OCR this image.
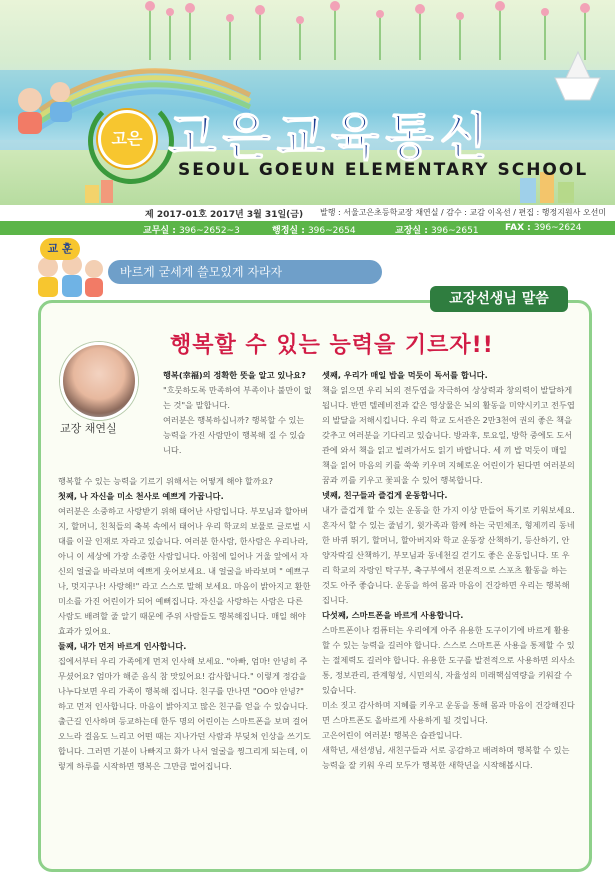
고은 고은교육통신
SEOUL GOEUN ELEMENTARY SCHOOL
제 2017-01호 2017년 3월 31일(금) 발행 : 서울고은초등학교장 채연실 / 감수 : 교감 이옥선 / 편집 : 행정지원사 오선미
교무실 : 396~2652~3	행정실 : 396~2654	교장실 : 396~2651	FAX : 396~2624
교 훈
바르게 굳세게 쓸모있게 자라자
교장선생님 말씀
행복할 수 있는 능력을 기르자!!
교장 채연실

행복(幸福)의 정확한 뜻을 알고 있나요?

"흐뭇하도록 만족하여 부족이나 불만이 없는 것"을 말합니다.

여러분은 행복하십니까? 행복할 수 있는 능력을 가진 사람만이 행복해 질 수 있습니다.

행복할 수 있는 능력을 기르기 위해서는 어떻게 해야 할까요?

첫째, 나 자신을 미소 천사로 예쁘게 가꿉니다.

여러분은 소중하고 사랑받기 위해 태어난 사람입니다. 부모님과 할아버지, 할머니, 친척들의 축복 속에서 태어나 우리 학교의 보물로 글로벌 시대를 이끌 인재로 자라고 있습니다. 여러분 한사람, 한사람은 우리나라, 아니 이 세상에 가장 소중한 사람입니다. 아침에 일어나 거울 앞에서 자신의 얼굴을 바라보며 예쁘게 웃어보세요. 내 얼굴을 바라보며 " 예쁘구나, 멋지구나! 사랑해!" 라고 스스로 말해 보세요. 마음이 밝아지고 환한 미소를 가진 어린이가 되어 예뻐집니다. 자신을 사랑하는 사람은 다른 사람도 배려할 줄 알기 때문에 주위 사람들도 행복해집니다. 매일 해야 효과가 있어요.

둘째, 내가 먼저 바르게 인사합니다.

집에서부터 우리 가족에게 먼저 인사해 보세요. "아빠, 엄마! 안녕히 주무셨어요? 엄마가 해준 음식 참 맛있어요! 감사합니다." 이렇게 정감을 나누다보면 우리 가족이 행복해 집니다. 친구를 만나면 "OO야 안녕?" 하고 먼저 인사합니다. 마음이 밝아지고 많은 친구를 얻을 수 있습니다. 출근길 인사하며 등교하는데 한두 명의 어린이는 스마트폰을 보며 걸어오느라 걸음도 느리고 어떤 때는 지나가던 사람과 부딪쳐 인상을 쓰기도 합니다. 그러면 기분이 나빠지고 화가 나서 얼굴을 찡그리게 되는데, 이렇게 하루를 시작하면 행복은 그만큼 멀어집니다.

셋째, 우리가 매일 밥을 먹듯이 독서를 합니다.

책을 읽으면 우리 뇌의 전두엽을 자극하여 상상력과 창의력이 발달하게 됩니다. 반면 텔레비전과 같은 영상물은 뇌의 활동을 미약시키고 전두엽의 발달을 저해시킵니다. 우리 학교 도서관은 2만3천여 권의 좋은 책을 갖추고 여러분을 기다리고 있습니다. 방과후, 토요일, 방학 중에도 도서관에 와서 책을 읽고 빌려가서도 읽기 바랍니다. 세 끼 밥 먹듯이 매일 책을 읽어 마음의 키를 쑥쑥 키우며 지혜로운 어린이가 된다면 여러분의 꿈과 끼를 키우고 꽃피울 수 있어 행복합니다.

넷째, 친구들과 즐겁게 운동합니다.

내가 즐겁게 할 수 있는 운동을 한 가지 이상 만들어 특기로 키워보세요. 혼자서 할 수 있는 줄넘기, 윗가족과 함께 하는 국민체조, 형제끼리 동네 한 바퀴 뛰기, 할머니, 할아버지와 학교 운동장 산책하기, 등산하기, 안양자락길 산책하기, 부모님과 동네천길 걷기도 좋은 운동입니다. 또 우리 학교의 자랑인 탁구부, 축구부에서 전문적으로 스포츠 활동을 하는 것도 아주 좋습니다. 운동을 하여 몸과 마음이 건강하면 우리는 행복해집니다.

다섯째, 스마트폰을 바르게 사용합니다.

스마트폰이나 컴퓨터는 우리에게 아주 유용한 도구이기에 바르게 활용할 수 있는 능력을 길러야 합니다. 스스로 스마트폰 사용을 통제할 수 있는 절제력도 길러야 합니다. 유용한 도구를 발전적으로 사용하면 의사소통, 정보관리, 관계형성, 시민의식, 자율성의 미래핵심역량을 키워갈 수 있습니다.

미소 짓고 감사하며 지혜를 키우고 운동을 통해 몸과 마음이 건강해진다면 스마트폰도 올바르게 사용하게 될 것입니다.

고은어린이 여러분! 행복은 습관입니다.

새학년, 새선생님, 새친구들과 서로 공감하고 배려하며 행복할 수 있는 능력을 잘 키워 우리 모두가 행복한 새학년을 시작해봅시다.
